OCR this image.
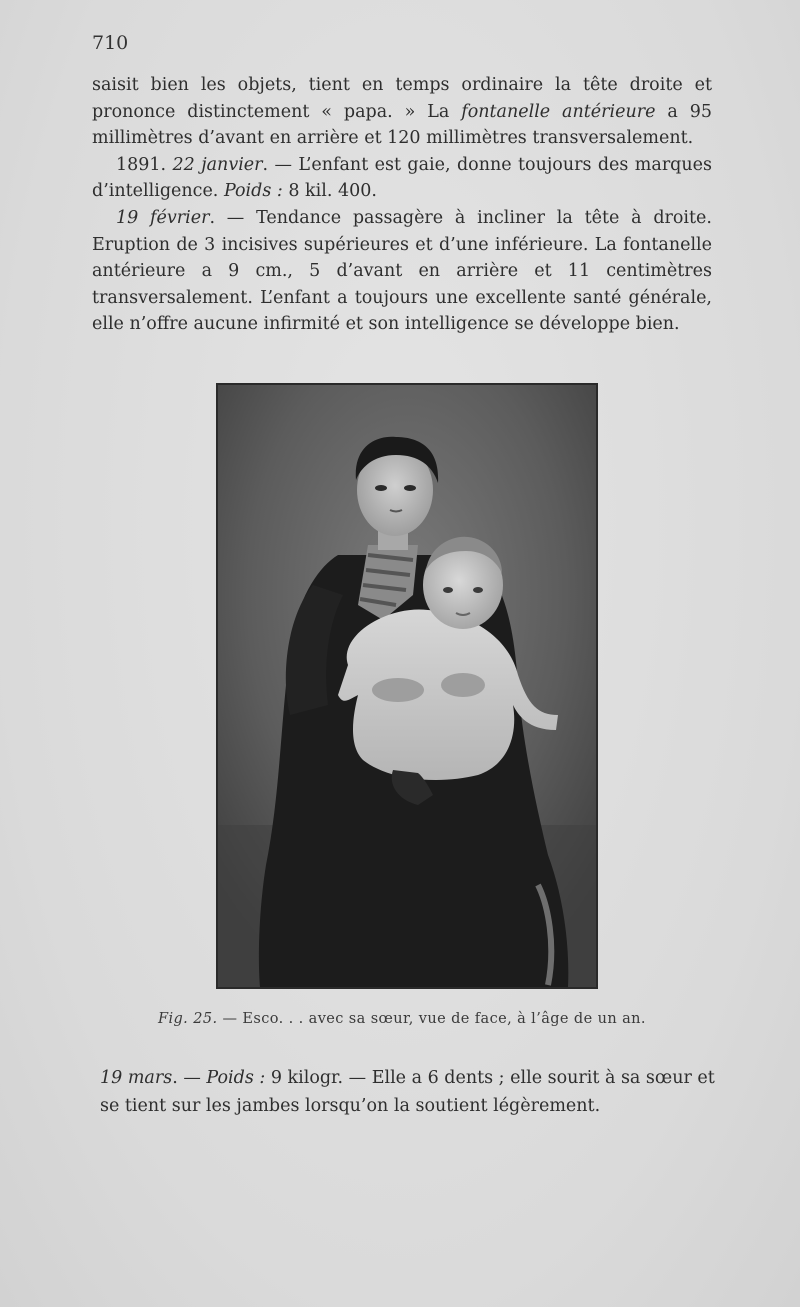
710

saisit bien les objets, tient en temps ordinaire la tête droite et prononce distinctement « papa. » La fontanelle antérieure a 95 millimètres d’avant en arrière et 120 millimètres transversalement.

1891. 22 janvier. — L’enfant est gaie, donne toujours des marques d’intelligence. Poids : 8 kil. 400.

19 février. — Tendance passagère à incliner la tête à droite. Eruption de 3 incisives supérieures et d’une inférieure. La fontanelle antérieure a 9 cm., 5 d’avant en arrière et 11 centimètres transversalement. L’enfant a toujours une excellente santé générale, elle n’offre aucune infirmité et son intelligence se développe bien.

Fig. 25. — Esco. . . avec sa sœur, vue de face, à l’âge de un an.

19 mars. — Poids : 9 kilogr. — Elle a 6 dents ; elle sourit à sa sœur et se tient sur les jambes lorsqu’on la soutient légèrement.
